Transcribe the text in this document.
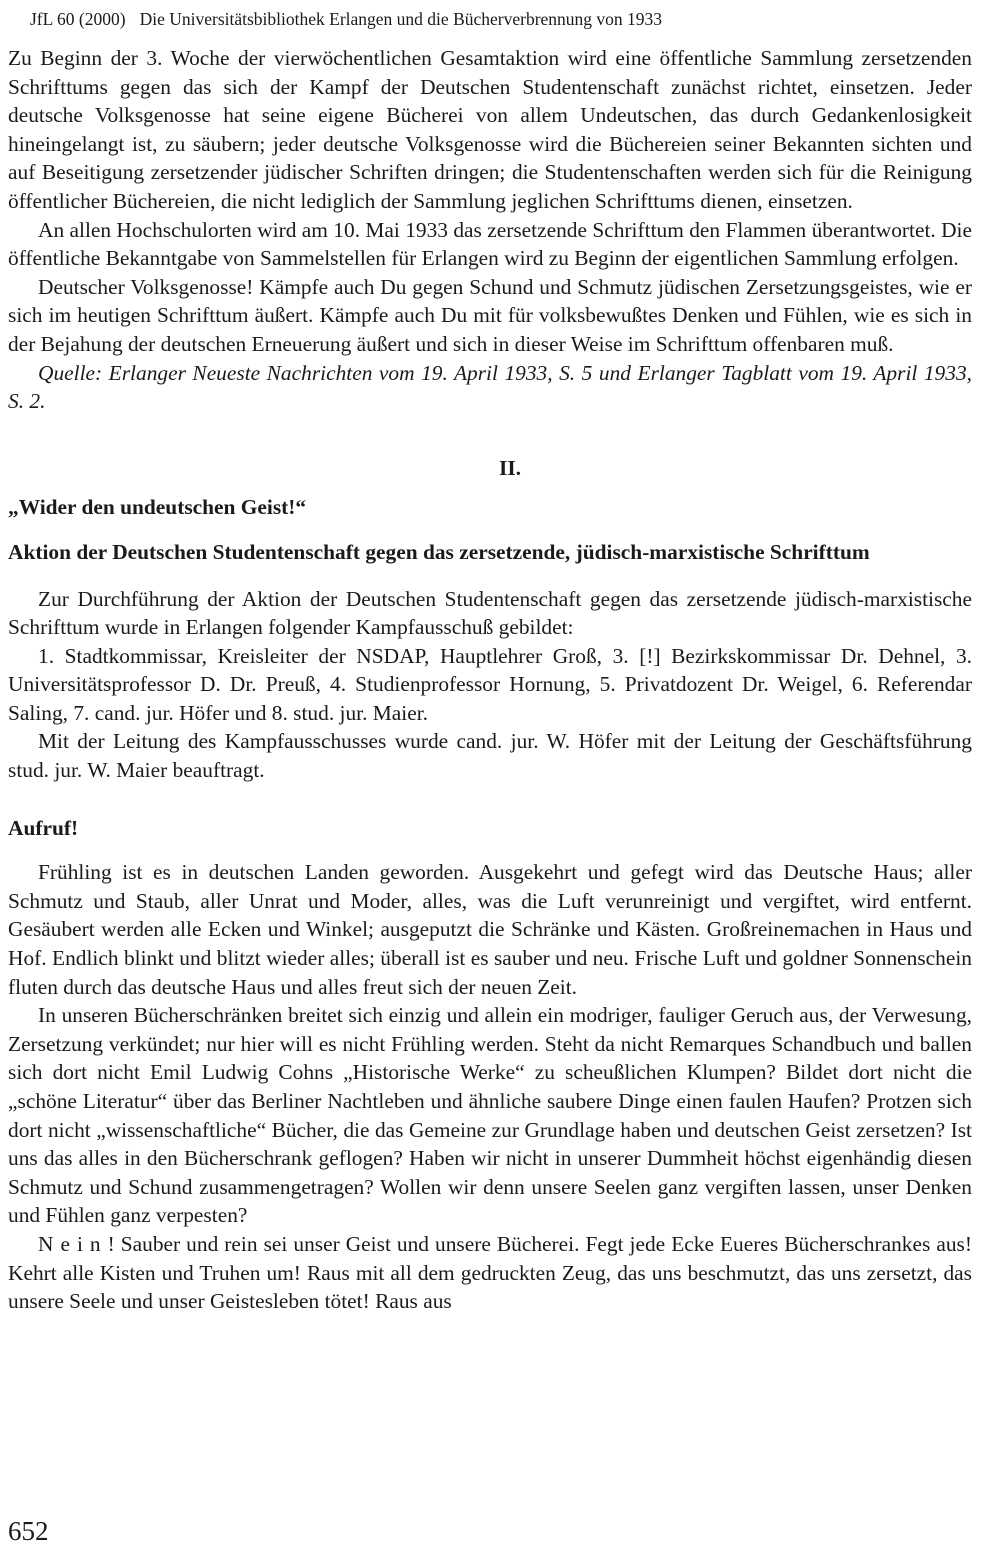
JfL 60 (2000) Die Universitätsbibliothek Erlangen und die Bücherverbrennung von 1933

Zu Beginn der 3. Woche der vierwöchentlichen Gesamtaktion wird eine öffentliche Sammlung zersetzenden Schrifttums gegen das sich der Kampf der Deutschen Studentenschaft zunächst richtet, einsetzen. Jeder deutsche Volksgenosse hat seine eigene Bücherei von allem Undeutschen, das durch Gedankenlosigkeit hineingelangt ist, zu säubern; jeder deutsche Volksgenosse wird die Büchereien seiner Bekannten sichten und auf Beseitigung zersetzender jüdischer Schriften dringen; die Studentenschaften werden sich für die Reinigung öffentlicher Büchereien, die nicht lediglich der Sammlung jeglichen Schrifttums dienen, einsetzen.

An allen Hochschulorten wird am 10. Mai 1933 das zersetzende Schrifttum den Flammen überantwortet. Die öffentliche Bekanntgabe von Sammelstellen für Erlangen wird zu Beginn der eigentlichen Sammlung erfolgen.

Deutscher Volksgenosse! Kämpfe auch Du gegen Schund und Schmutz jüdischen Zersetzungsgeistes, wie er sich im heutigen Schrifttum äußert. Kämpfe auch Du mit für volksbewußtes Denken und Fühlen, wie es sich in der Bejahung der deutschen Erneuerung äußert und sich in dieser Weise im Schrifttum offenbaren muß.

Quelle: Erlanger Neueste Nachrichten vom 19. April 1933, S. 5 und Erlanger Tagblatt vom 19. April 1933, S. 2.

II.

„Wider den undeutschen Geist!“

Aktion der Deutschen Studentenschaft gegen das zersetzende, jüdisch-marxistische Schrifttum

Zur Durchführung der Aktion der Deutschen Studentenschaft gegen das zersetzende jüdisch-marxistische Schrifttum wurde in Erlangen folgender Kampfausschuß gebildet:

1. Stadtkommissar, Kreisleiter der NSDAP, Hauptlehrer Groß, 3. [!] Bezirkskommissar Dr. Dehnel, 3. Universitätsprofessor D. Dr. Preuß, 4. Studienprofessor Hornung, 5. Privatdozent Dr. Weigel, 6. Referendar Saling, 7. cand. jur. Höfer und 8. stud. jur. Maier.

Mit der Leitung des Kampfausschusses wurde cand. jur. W. Höfer mit der Leitung der Geschäftsführung stud. jur. W. Maier beauftragt.

Aufruf!

Frühling ist es in deutschen Landen geworden. Ausgekehrt und gefegt wird das Deutsche Haus; aller Schmutz und Staub, aller Unrat und Moder, alles, was die Luft verunreinigt und vergiftet, wird entfernt. Gesäubert werden alle Ecken und Winkel; ausgeputzt die Schränke und Kästen. Großreinemachen in Haus und Hof. Endlich blinkt und blitzt wieder alles; überall ist es sauber und neu. Frische Luft und goldner Sonnenschein fluten durch das deutsche Haus und alles freut sich der neuen Zeit.

In unseren Bücherschränken breitet sich einzig und allein ein modriger, fauliger Geruch aus, der Verwesung, Zersetzung verkündet; nur hier will es nicht Frühling werden. Steht da nicht Remarques Schandbuch und ballen sich dort nicht Emil Ludwig Cohns „Historische Werke“ zu scheußlichen Klumpen? Bildet dort nicht die „schöne Literatur“ über das Berliner Nachtleben und ähnliche saubere Dinge einen faulen Haufen? Protzen sich dort nicht „wissenschaftliche“ Bücher, die das Gemeine zur Grundlage haben und deutschen Geist zersetzen? Ist uns das alles in den Bücherschrank geflogen? Haben wir nicht in unserer Dummheit höchst eigenhändig diesen Schmutz und Schund zusammengetragen? Wollen wir denn unsere Seelen ganz vergiften lassen, unser Denken und Fühlen ganz verpesten?

Nein! Sauber und rein sei unser Geist und unsere Bücherei. Fegt jede Ecke Eueres Bücherschrankes aus! Kehrt alle Kisten und Truhen um! Raus mit all dem gedruckten Zeug, das uns beschmutzt, das uns zersetzt, das unsere Seele und unser Geistesleben tötet! Raus aus

652
